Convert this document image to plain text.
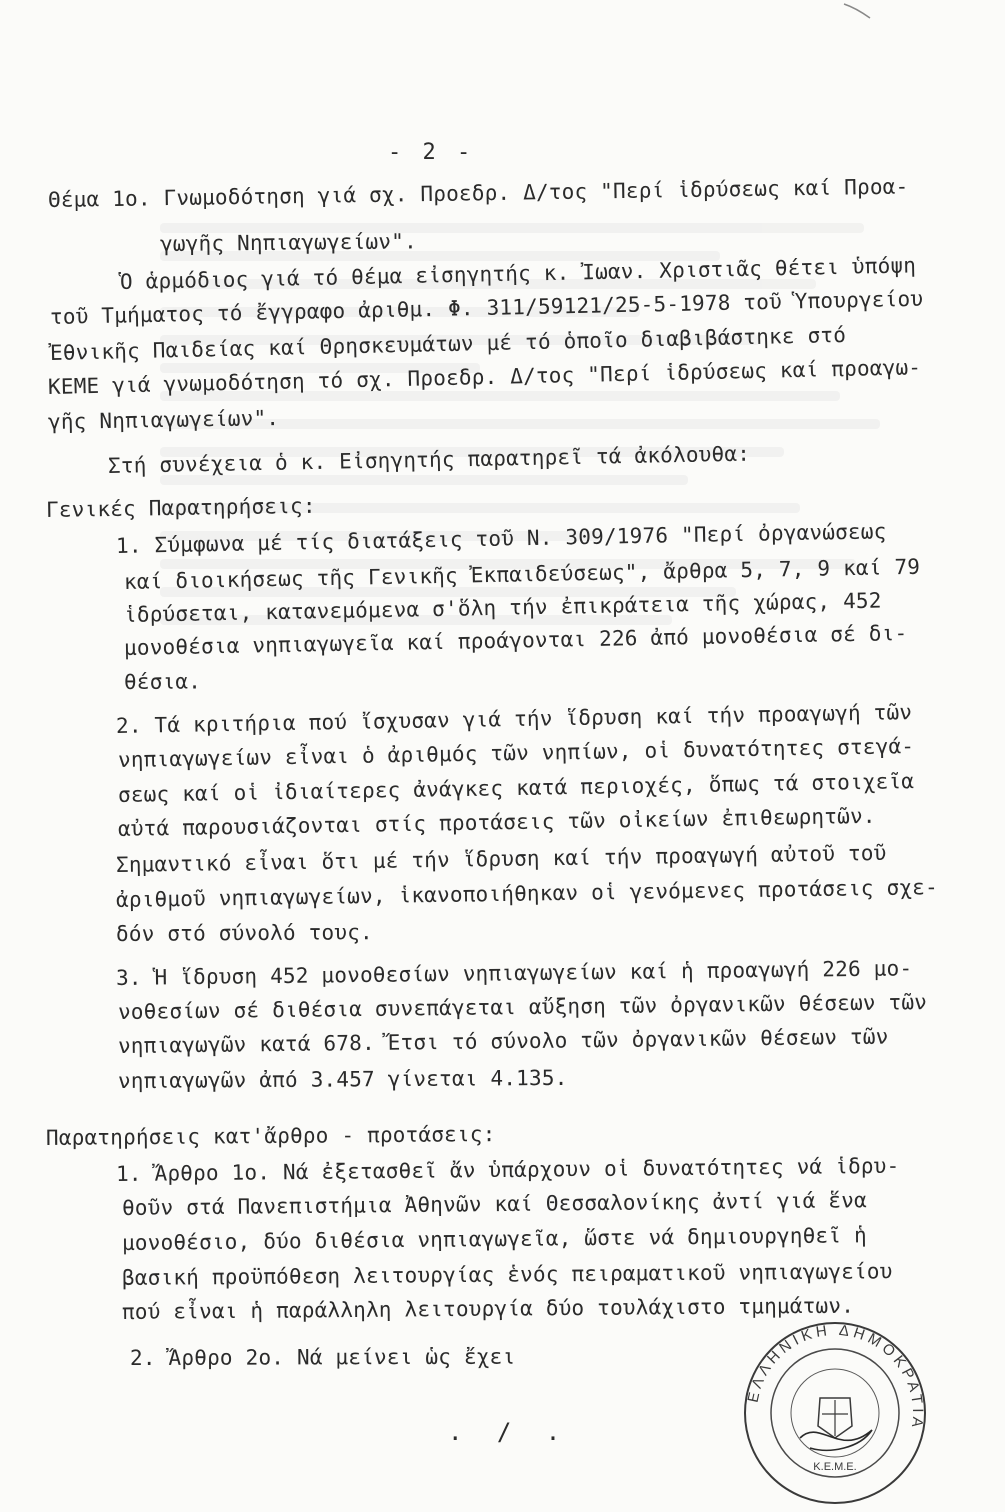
- 2 -
Θέμα 1ο. Γνωμοδότηση γιά σχ. Προεδρ. Δ/τος "Περί ἱδρύσεως καί Προα-
γωγῆς Νηπιαγωγείων".
Ὁ ἁρμόδιος γιά τό θέμα εἰσηγητής κ. Ἰωαν. Χριστιᾶς θέτει ὑπόψη
τοῦ Τμήματος τό ἔγγραφο ἀριθμ. Φ. 311/59121/25-5-1978 τοῦ Ὑπουργείου
Ἐθνικῆς Παιδείας καί Θρησκευμάτων μέ τό ὁποῖο διαβιβάστηκε στό
ΚΕΜΕ γιά γνωμοδότηση τό σχ. Προεδρ. Δ/τος "Περί ἱδρύσεως καί προαγω-
γῆς Νηπιαγωγείων".
Στή συνέχεια ὁ κ. Εἰσηγητής παρατηρεῖ τά ἀκόλουθα:
Γενικές Παρατηρήσεις:
1. Σύμφωνα μέ τίς διατάξεις τοῦ Ν. 309/1976 "Περί ὀργανώσεως
καί διοικήσεως τῆς Γενικῆς Ἐκπαιδεύσεως", ἄρθρα 5, 7, 9 καί 79
ἱδρύσεται, κατανεμόμενα σ'ὅλη τήν ἐπικράτεια τῆς χώρας, 452
μονοθέσια νηπιαγωγεῖα καί προάγονται 226 ἀπό μονοθέσια σέ δι-
θέσια.
2. Τά κριτήρια πού ἴσχυσαν γιά τήν ἵδρυση καί τήν προαγωγή τῶν
νηπιαγωγείων εἶναι ὁ ἀριθμός τῶν νηπίων, οἱ δυνατότητες στεγά-
σεως καί οἱ ἰδιαίτερες ἀνάγκες κατά περιοχές, ὅπως τά στοιχεῖα
αὐτά παρουσιάζονται στίς προτάσεις τῶν οἰκείων ἐπιθεωρητῶν.
Σημαντικό εἶναι ὅτι μέ τήν ἵδρυση καί τήν προαγωγή αὐτοῦ τοῦ
ἀριθμοῦ νηπιαγωγείων, ἱκανοποιήθηκαν οἱ γενόμενες προτάσεις σχε-
δόν στό σύνολό τους.
3. Ἡ ἵδρυση 452 μονοθεσίων νηπιαγωγείων καί ἡ προαγωγή 226 μο-
νοθεσίων σέ διθέσια συνεπάγεται αὔξηση τῶν ὀργανικῶν θέσεων τῶν
νηπιαγωγῶν κατά 678. Ἔτσι τό σύνολο τῶν ὀργανικῶν θέσεων τῶν
νηπιαγωγῶν ἀπό 3.457 γίνεται 4.135.
Παρατηρήσεις κατ'ἄρθρο - προτάσεις:
1. Ἄρθρο 1ο. Νά ἐξετασθεῖ ἄν ὑπάρχουν οἱ δυνατότητες νά ἱδρυ-
θοῦν στά Πανεπιστήμια Ἀθηνῶν καί Θεσσαλονίκης ἀντί γιά ἕνα
μονοθέσιο, δύο διθέσια νηπιαγωγεῖα, ὥστε νά δημιουργηθεῖ ἡ
βασική προϋπόθεση λειτουργίας ἑνός πειραματικοῦ νηπιαγωγείου
πού εἶναι ἡ παράλληλη λειτουργία δύο τουλάχιστο τμημάτων.
2. Ἄρθρο 2ο. Νά μείνει ὡς ἔχει
. / .
ΕΛΛΗΝΙΚΗ ΔΗΜΟΚΡΑΤΙΑ
Κ.Ε.Μ.Ε.
